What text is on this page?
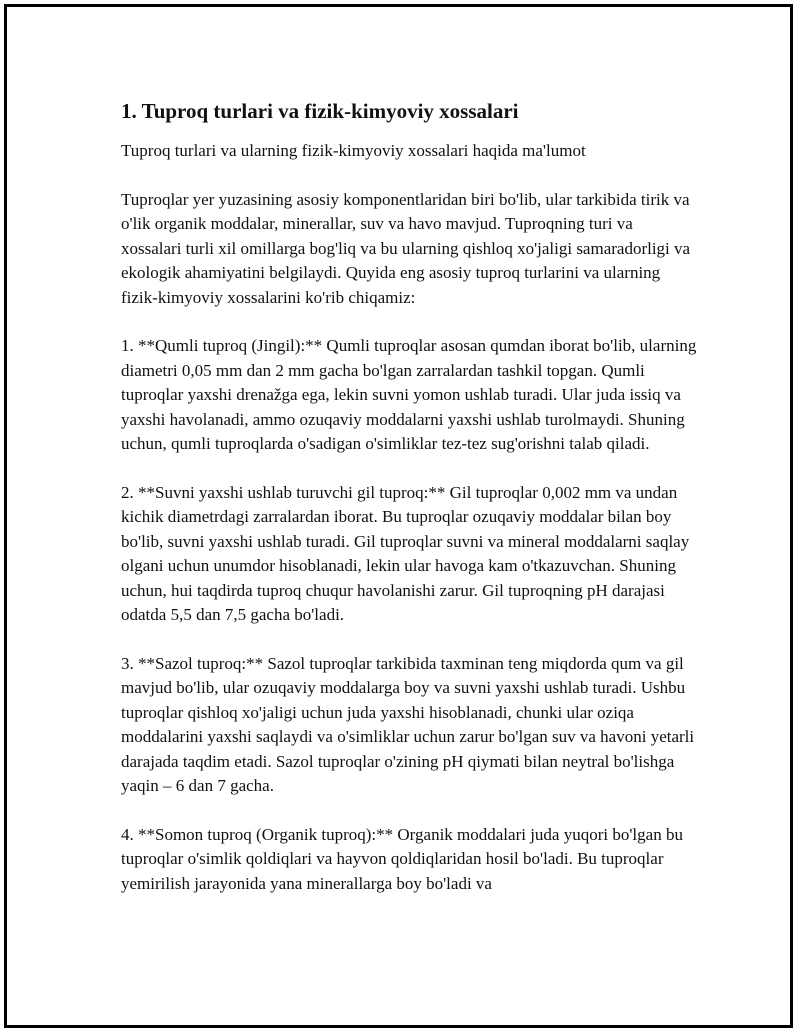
1. Tuproq turlari va fizik-kimyoviy xossalari

Tuproq turlari va ularning fizik-kimyoviy xossalari haqida ma'lumot

Tuproqlar yer yuzasining asosiy komponentlaridan biri bo'lib, ular tarkibida tirik va o'lik organik moddalar, minerallar, suv va havo mavjud. Tuproqning turi va xossalari turli xil omillarga bog'liq va bu ularning qishloq xo'jaligi samaradorligi va ekologik ahamiyatini belgilaydi. Quyida eng asosiy tuproq turlarini va ularning fizik-kimyoviy xossalarini ko'rib chiqamiz:

1. **Qumli tuproq (Jingil):** Qumli tuproqlar asosan qumdan iborat bo'lib, ularning diametri 0,05 mm dan 2 mm gacha bo'lgan zarralardan tashkil topgan. Qumli tuproqlar yaxshi drenažga ega, lekin suvni yomon ushlab turadi. Ular juda issiq va yaxshi havolanadi, ammo ozuqaviy moddalarni yaxshi ushlab turolmaydi. Shuning uchun, qumli tuproqlarda o'sadigan o'simliklar tez-tez sug'orishni talab qiladi.

2. **Suvni yaxshi ushlab turuvchi gil tuproq:** Gil tuproqlar 0,002 mm va undan kichik diametrdagi zarralardan iborat. Bu tuproqlar ozuqaviy moddalar bilan boy bo'lib, suvni yaxshi ushlab turadi. Gil tuproqlar suvni va mineral moddalarni saqlay olgani uchun unumdor hisoblanadi, lekin ular havoga kam o'tkazuvchan. Shuning uchun, hui taqdirda tuproq chuqur havolanishi zarur. Gil tuproqning pH darajasi odatda 5,5 dan 7,5 gacha bo'ladi.

3. **Sazol tuproq:** Sazol tuproqlar tarkibida taxminan teng miqdorda qum va gil mavjud bo'lib, ular ozuqaviy moddalarga boy va suvni yaxshi ushlab turadi. Ushbu tuproqlar qishloq xo'jaligi uchun juda yaxshi hisoblanadi, chunki ular oziqa moddalarini yaxshi saqlaydi va o'simliklar uchun zarur bo'lgan suv va havoni yetarli darajada taqdim etadi. Sazol tuproqlar o'zining pH qiymati bilan neytral bo'lishga yaqin – 6 dan 7 gacha.

4. **Somon tuproq (Organik tuproq):** Organik moddalari juda yuqori bo'lgan bu tuproqlar o'simlik qoldiqlari va hayvon qoldiqlaridan hosil bo'ladi. Bu tuproqlar yemirilish jarayonida yana minerallarga boy bo'ladi va
